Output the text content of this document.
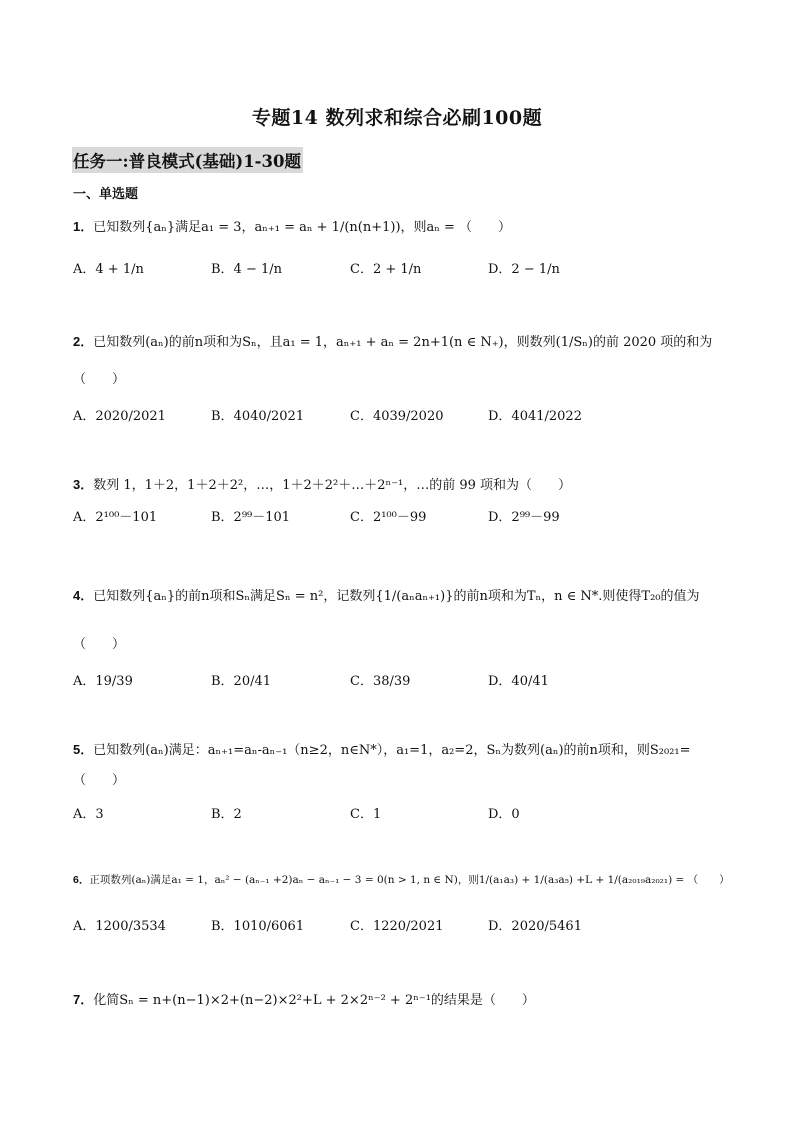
专题14 数列求和综合必刷100题
任务一:普良模式(基础)1-30题
一、单选题
1．已知数列{aₙ}满足a₁ = 3，aₙ₊₁ = aₙ + 1/(n(n+1))，则aₙ = （　　）
A．4 + 1/n	B．4 − 1/n	C．2 + 1/n	D．2 − 1/n
2．已知数列(aₙ)的前n项和为Sₙ，且a₁ = 1，aₙ₊₁ + aₙ = 2n+1(n ∈ N₊)，则数列(1/Sₙ)的前 2020 项的和为
（　　）
A．2020/2021	B．4040/2021	C．4039/2020	D．4041/2022
3．数列 1，1＋2，1＋2＋2²，…，1＋2＋2²＋…＋2ⁿ⁻¹，…的前 99 项和为（　　）
A．2¹⁰⁰－101	B．2⁹⁹－101	C．2¹⁰⁰－99	D．2⁹⁹－99
4．已知数列{aₙ}的前n项和Sₙ满足Sₙ = n²，记数列{1/(aₙaₙ₊₁)}的前n项和为Tₙ，n ∈ N*.则使得T₂₀的值为
（　　）
A．19/39	B．20/41	C．38/39	D．40/41
5．已知数列(aₙ)满足：aₙ₊₁=aₙ-aₙ₋₁（n≥2，n∈N*），a₁=1，a₂=2，Sₙ为数列(aₙ)的前n项和，则S₂₀₂₁=
（　　）
A．3	B．2	C．1	D．0
6．正项数列(aₙ)满足a₁ = 1，aₙ² − (aₙ₋₁ +2)aₙ − aₙ₋₁ − 3 = 0(n > 1, n ∈ N)，则1/(a₁a₃) + 1/(a₃a₅) +L + 1/(a₂₀₁₉a₂₀₂₁) = （　　）
A．1200/3534	B．1010/6061	C．1220/2021	D．2020/5461
7．化简Sₙ = n+(n−1)×2+(n−2)×2²+L + 2×2ⁿ⁻² + 2ⁿ⁻¹的结果是（　　）
